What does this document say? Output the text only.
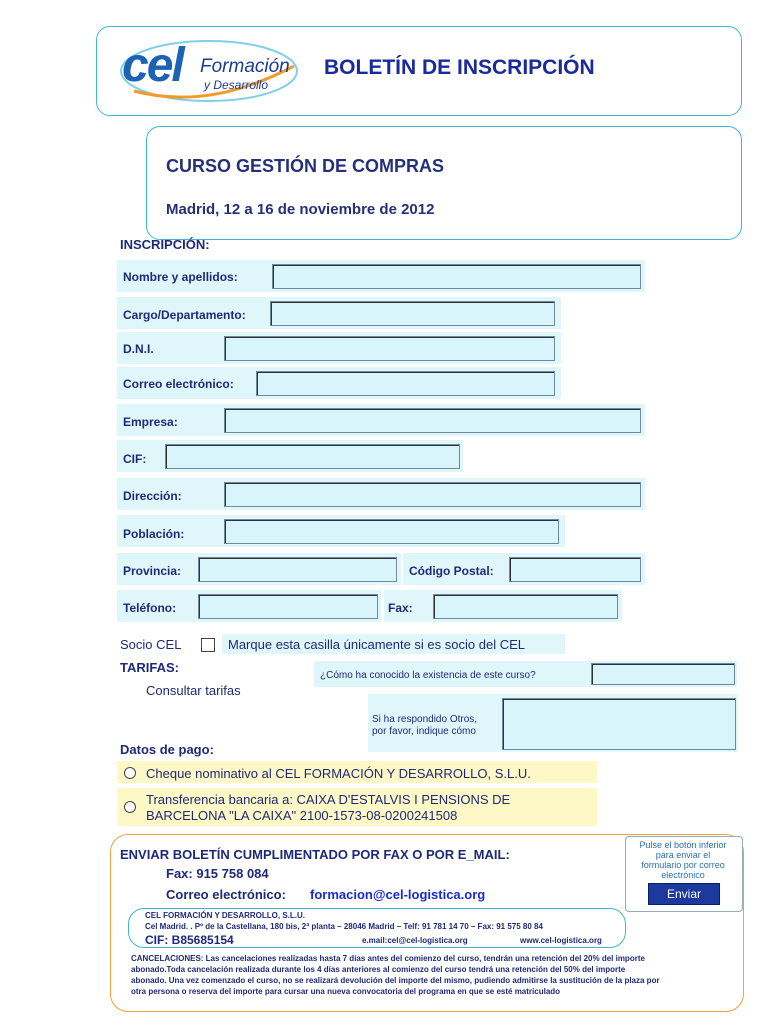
cel Formación
y Desarrollo
BOLETÍN DE INSCRIPCIÓN
CURSO GESTIÓN DE COMPRAS
Madrid, 12 a 16 de noviembre de 2012
INSCRIPCIÓN:
Nombre y apellidos:
Cargo/Departamento:
D.N.I.
Correo electrónico:
Empresa:
CIF:
Dirección:
Población:
Provincia:	Código Postal:
Teléfono:	Fax:
Socio CEL	Marque esta casilla únicamente si es socio del CEL
TARIFAS:
Consultar tarifas
¿Cómo ha conocido la existencia de este curso?
Si ha respondido Otros,
por favor, indique cómo
Datos de pago:
Cheque nominativo al CEL FORMACIÓN Y DESARROLLO, S.L.U.
Transferencia bancaria a: CAIXA D'ESTALVIS I PENSIONS DE
BARCELONA "LA CAIXA" 2100-1573-08-0200241508
ENVIAR BOLETÍN CUMPLIMENTADO POR FAX O POR E_MAIL:
Fax: 915 758 084
Correo electrónico: formacion@cel-logistica.org
Pulse el botón inferior
para enviar el
formulario por correo
electrónico
Enviar
CEL FORMACIÓN Y DESARROLLO, S.L.U.
Cel Madrid. . Pº de la Castellana, 180 bis, 2ª planta – 28046 Madrid – Telf: 91 781 14 70 – Fax: 91 575 80 84
CIF: B85685154	e.mail:cel@cel-logistica.org	www.cel-logistica.org
CANCELACIONES: Las cancelaciones realizadas hasta 7 días antes del comienzo del curso, tendrán una retención del 20% del importe
abonado.Toda cancelación realizada durante los 4 días anteriores al comienzo del curso tendrá una retención del 50% del importe
abonado. Una vez comenzado el curso, no se realizará devolución del importe del mismo, pudiendo admitirse la sustitución de la plaza por
otra persona o reserva del importe para cursar una nueva convocatoria del programa en que se esté matriculado
